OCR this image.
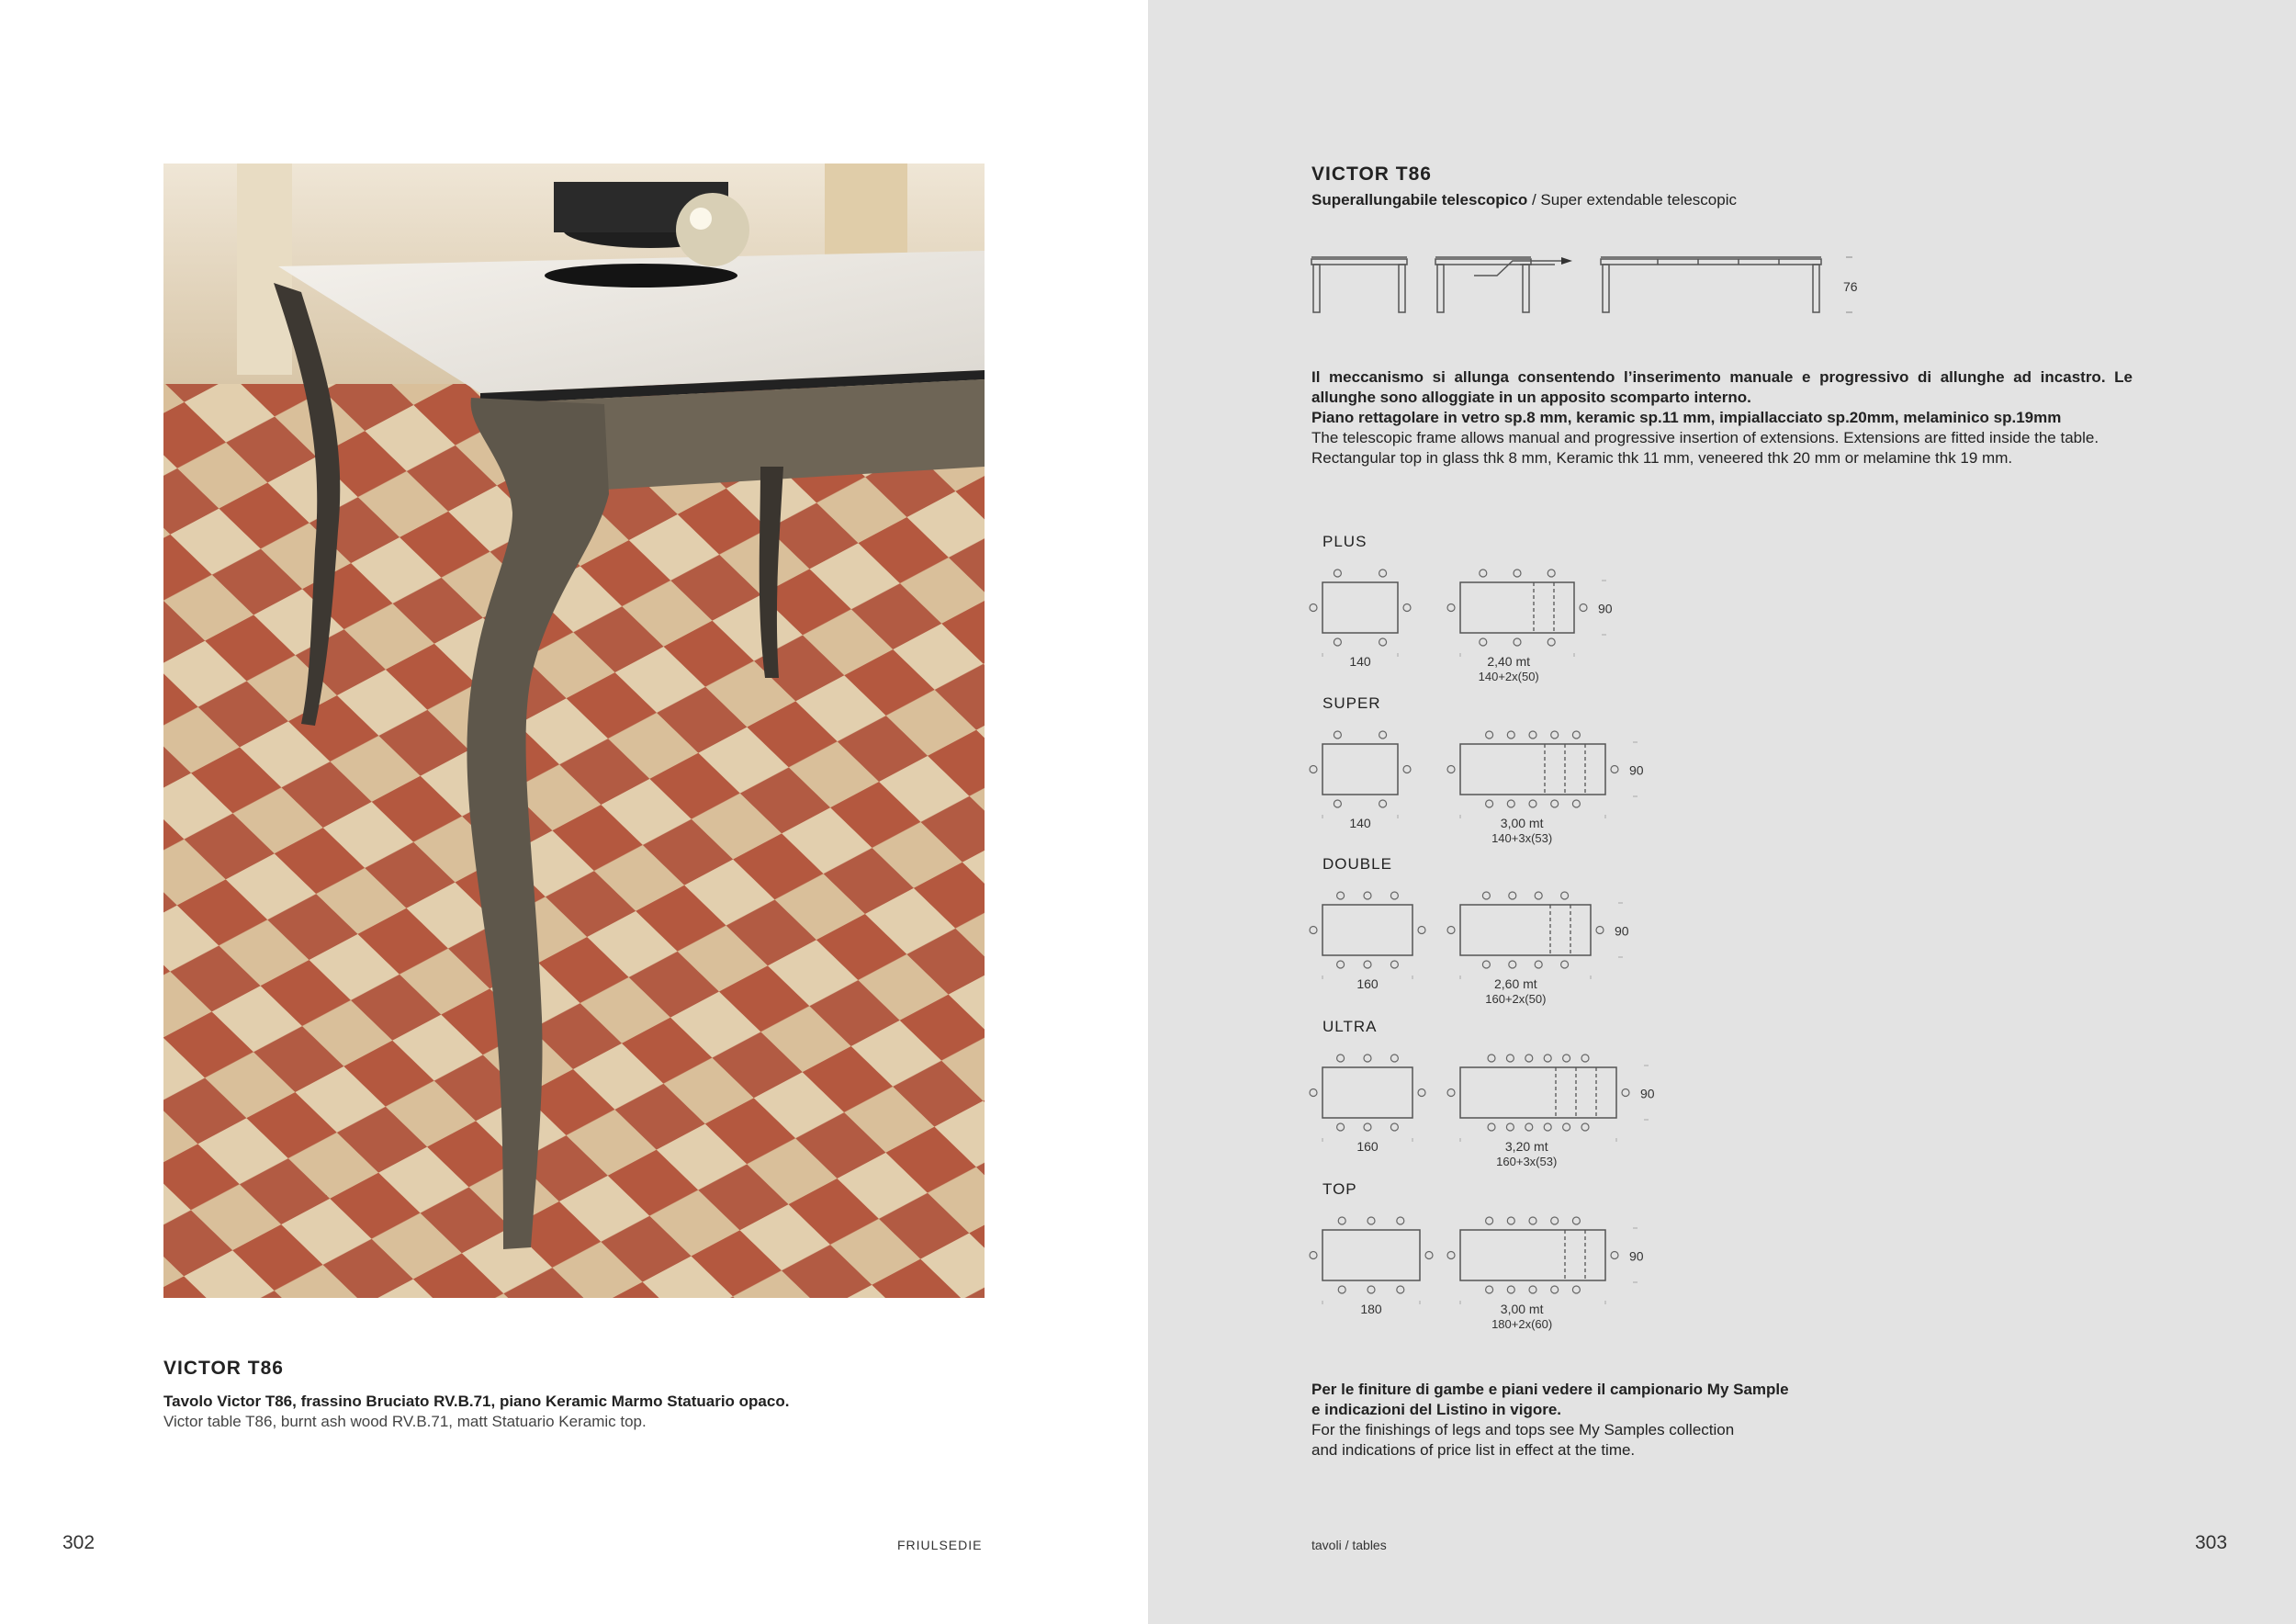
VICTOR T86
Tavolo Victor T86, frassino Bruciato RV.B.71, piano Keramic Marmo Statuario opaco.
Victor table T86, burnt ash wood RV.B.71, matt Statuario Keramic top.
302	FRIULSEDIE
VICTOR T86
Superallungabile telescopico / Super extendable telescopic
76

Il meccanismo si allunga consentendo l’inserimento manuale e progressivo di allunghe ad incastro. Le allunghe sono alloggiate in un apposito scomparto interno.

Piano rettagolare in vetro sp.8 mm, keramic sp.11 mm, impiallacciato sp.20mm, melaminico sp.19mm

The telescopic frame allows manual and progressive insertion of extensions. Extensions are fitted inside the table.

Rectangular top in glass thk 8 mm, Keramic thk 11 mm, veneered thk 20 mm or melamine thk 19 mm.

PLUS
SUPER
DOUBLE
ULTRA
TOP
140	2,40 mt
140+2x(50)
90
140	3,00 mt
140+3x(53)
90
160	2,60 mt
160+2x(50)
90
160	3,20 mt
160+3x(53)
90
180	3,00 mt
180+2x(60)
90

Per le finiture di gambe e piani vedere il campionario My Sample

e indicazioni del Listino in vigore.

For the finishings of legs and tops see My Samples collection

and indications of price list in effect at the time.

tavoli / tables	303
